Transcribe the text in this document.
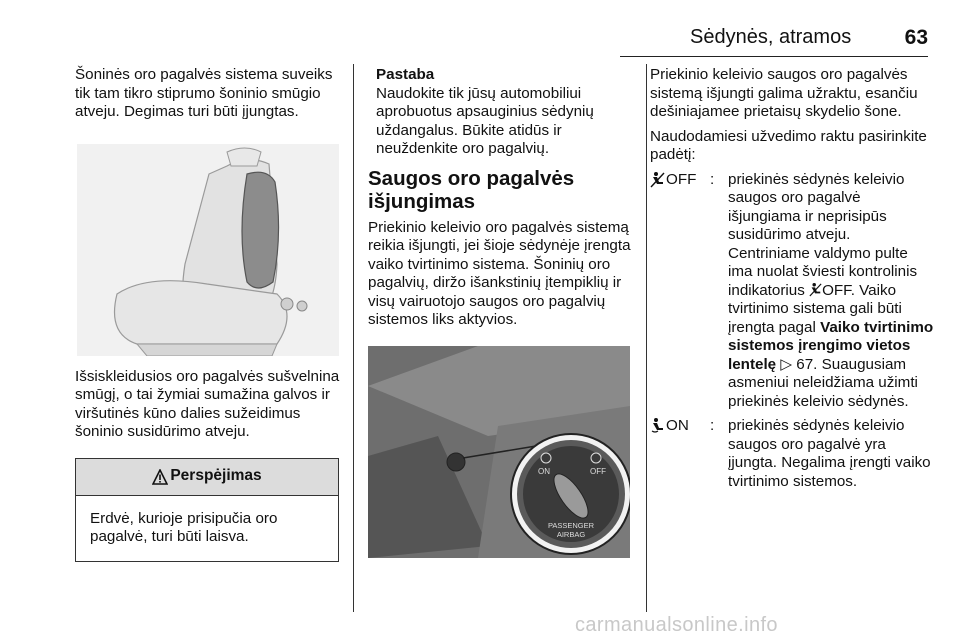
Sėdynės, atramos	63

Šoninės oro pagalvės sistema suveiks tik tam tikro stiprumo šoninio smūgio atveju. Degimas turi būti įjungtas.

Išsiskleidusios oro pagalvės sušvelnina smūgį, o tai žymiai sumažina galvos ir viršutinės kūno dalies sužeidimus šoninio susidūrimo atveju.

Perspėjimas
Erdvė, kurioje prisipučia oro pagalvė, turi būti laisva.
Pastaba
Naudokite tik jūsų automobiliui aprobuotus apsauginius sėdynių uždangalus. Būkite atidūs ir neuždenkite oro pagalvių.
Saugos oro pagalvės išjungimas

Priekinio keleivio oro pagalvės sistemą reikia išjungti, jei šioje sėdynėje įrengta vaiko tvirtinimo sistema. Šoninių oro pagalvių, diržo išankstinių įtempiklių ir visų vairuotojo saugos oro pagalvių sistemos liks aktyvios.

ON	OFF
PASSENGER
AIRBAG

Priekinio keleivio saugos oro pagalvės sistemą išjungti galima užraktu, esančiu dešiniajamee prietaisų skydelio šone.

Naudodamiesi užvedimo raktu pasirinkite padėtį:

OFF : priekinės sėdynės keleivio saugos oro pagalvė išjungiama ir neprisipūs susidūrimo atveju. Centriniame valdymo pulte ima nuolat šviesti kontrolinis indikatorius OFF. Vaiko tvirtinimo sistema gali būti įrengta pagal Vaiko tvirtinimo sistemos įrengimo vietos lentelę ▷ 67. Suaugusiam asmeniui neleidžiama užimti priekinės keleivio sėdynės.
ON : priekinės sėdynės keleivio saugos oro pagalvė yra įjungta. Negalima įrengti vaiko tvirtinimo sistemos.
carmanualsonline.info
